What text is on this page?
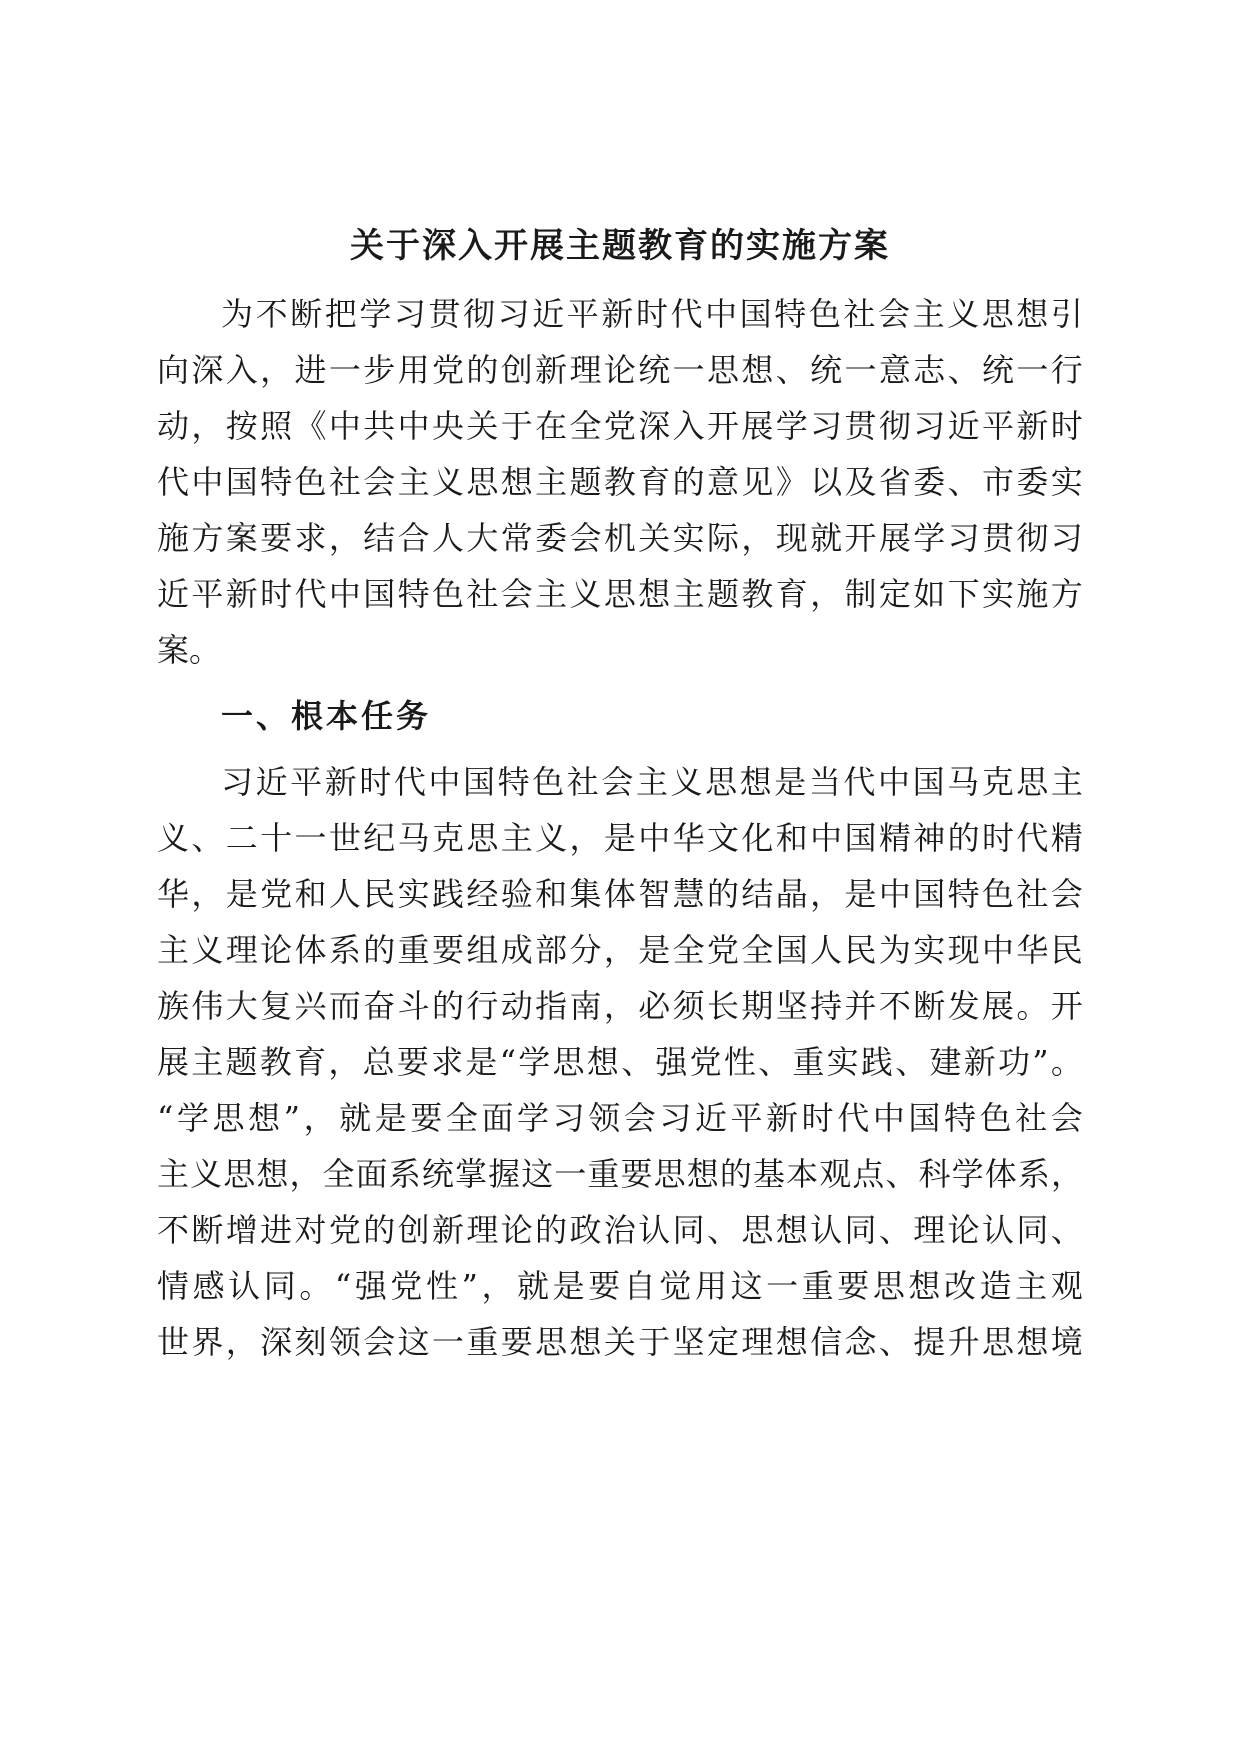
关于深入开展主题教育的实施方案
为 不 断 把 学 习 贯 彻 习 近 平 新 时 代 中 国 特 色 社 会 主 义 思 想 引
向 深 入 ， 进 一 步 用 党 的 创 新 理 论 统 一 思 想 、 统 一 意 志 、 统 一 行
动 ， 按 照 《 中 共 中 央 关 于 在 全 党 深 入 开 展 学 习 贯 彻 习 近 平 新 时
代 中 国 特 色 社 会 主 义 思 想 主 题 教 育 的 意 见 》 以 及 省 委 、 市 委 实
施 方 案 要 求 ， 结 合 人 大 常 委 会 机 关 实 际 ， 现 就 开 展 学 习 贯 彻 习
近 平 新 时 代 中 国 特 色 社 会 主 义 思 想 主 题 教 育 ， 制 定 如 下 实 施 方
案 。
一、根本任务
习 近 平 新 时 代 中 国 特 色 社 会 主 义 思 想 是 当 代 中 国 马 克 思 主
义 、 二 十 一 世 纪 马 克 思 主 义 ， 是 中 华 文 化 和 中 国 精 神 的 时 代 精
华 ， 是 党 和 人 民 实 践 经 验 和 集 体 智 慧 的 结 晶 ， 是 中 国 特 色 社 会
主 义 理 论 体 系 的 重 要 组 成 部 分 ， 是 全 党 全 国 人 民 为 实 现 中 华 民
族 伟 大 复 兴 而 奋 斗 的 行 动 指 南 ， 必 须 长 期 坚 持 并 不 断 发 展 。 开
展 主 题 教 育 ， 总 要 求 是 “ 学 思 想 、 强 党 性 、 重 实 践 、 建 新 功 ” 。
“ 学 思 想 ” ， 就 是 要 全 面 学 习 领 会 习 近 平 新 时 代 中 国 特 色 社 会
主 义 思 想 ， 全 面 系 统 掌 握 这 一 重 要 思 想 的 基 本 观 点 、 科 学 体 系 ，
不 断 增 进 对 党 的 创 新 理 论 的 政 治 认 同 、 思 想 认 同 、 理 论 认 同 、
情 感 认 同 。 “ 强 党 性 ” ， 就 是 要 自 觉 用 这 一 重 要 思 想 改 造 主 观
世 界 ， 深 刻 领 会 这 一 重 要 思 想 关 于 坚 定 理 想 信 念 、 提 升 思 想 境
